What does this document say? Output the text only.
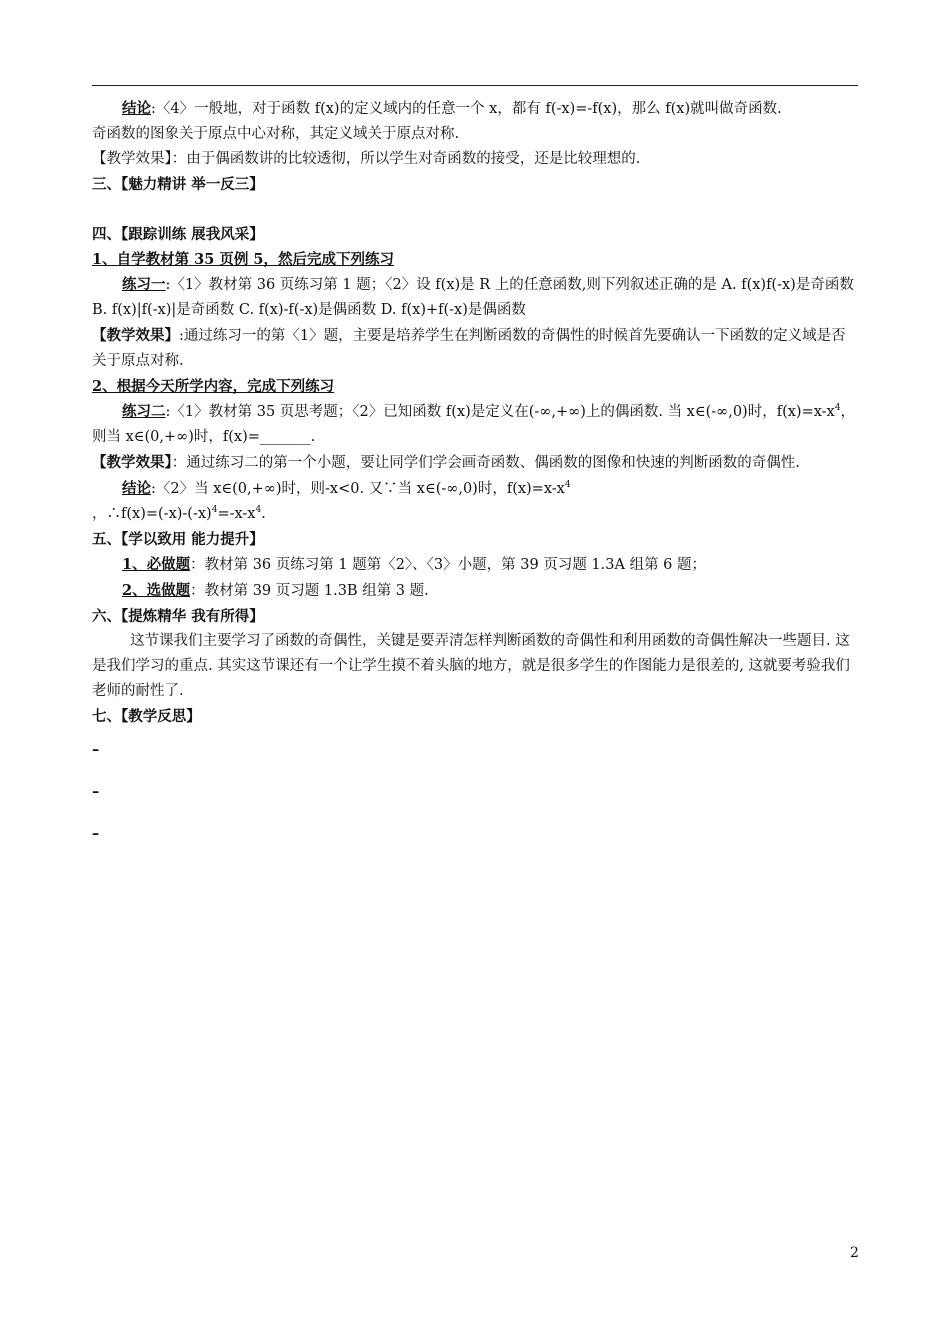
结论:〈4〉一般地，对于函数 f(x)的定义域内的任意一个 x，都有 f(-x)=-f(x)，那么 f(x)就叫做奇函数.

奇函数的图象关于原点中心对称，其定义域关于原点对称.

【教学效果】：由于偶函数讲的比较透彻，所以学生对奇函数的接受，还是比较理想的.

三、【魅力精讲 举一反三】

四、【跟踪训练 展我风采】

1、自学教材第 35 页例 5，然后完成下列练习

练习一:〈1〉教材第 36 页练习第 1 题；〈2〉设 f(x)是 R 上的任意函数,则下列叙述正确的是 A. f(x)f(-x)是奇函数 B. f(x)|f(-x)|是奇函数 C. f(x)-f(-x)是偶函数 D. f(x)+f(-x)是偶函数

【教学效果】:通过练习一的第〈1〉题，主要是培养学生在判断函数的奇偶性的时候首先要确认一下函数的定义域是否关于原点对称.

2、根据今天所学内容，完成下列练习

练习二:〈1〉教材第 35 页思考题；〈2〉已知函数 f(x)是定义在(-∞,+∞)上的偶函数. 当 x∈(-∞,0)时，$f(x)=x-x^4$，则当 x∈(0,+∞)时，f(x)=_______.

【教学效果】：通过练习二的第一个小题，要让同学们学会画奇函数、偶函数的图像和快速的判断函数的奇偶性.

结论:〈2〉当 x∈(0,+∞)时，则-x<0. 又∵当 x∈(-∞,0)时，$f(x)=x-x^4$

，$\therefore f(x)=(-x)-(-x)^4=-x-x^4$.

五、【学以致用 能力提升】

1、必做题：教材第 36 页练习第 1 题第〈2〉、〈3〉小题，第 39 页习题 1.3A 组第 6 题；

2、选做题：教材第 39 页习题 1.3B 组第 3 题.

六、【提炼精华 我有所得】

这节课我们主要学习了函数的奇偶性，关键是要弄清怎样判断函数的奇偶性和利用函数的奇偶性解决一些题目. 这是我们学习的重点. 其实这节课还有一个让学生摸不着头脑的地方，就是很多学生的作图能力是很差的, 这就要考验我们老师的耐性了.

七、【教学反思】

–

–

–

2
